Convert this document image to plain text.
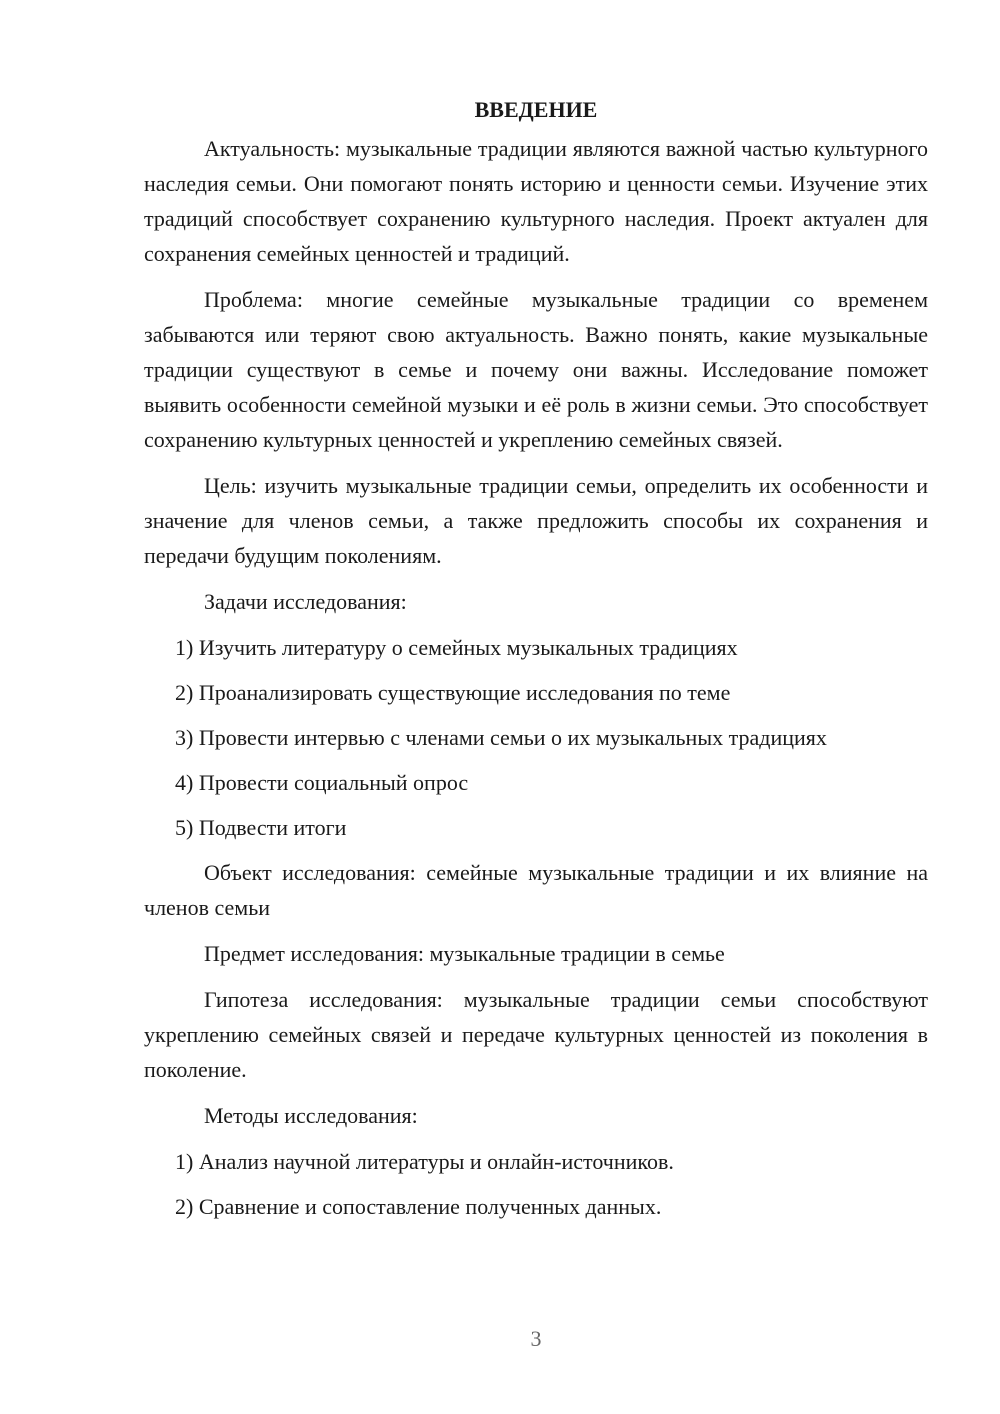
ВВЕДЕНИЕ

Актуальность: музыкальные традиции являются важной частью культурного наследия семьи. Они помогают понять историю и ценности семьи. Изучение этих традиций способствует сохранению культурного наследия. Проект актуален для сохранения семейных ценностей и традиций.

Проблема: многие семейные музыкальные традиции со временем забываются или теряют свою актуальность. Важно понять, какие музыкальные традиции существуют в семье и почему они важны. Исследование поможет выявить особенности семейной музыки и её роль в жизни семьи. Это способствует сохранению культурных ценностей и укреплению семейных связей.

Цель: изучить музыкальные традиции семьи, определить их особенности и значение для членов семьи, а также предложить способы их сохранения и передачи будущим поколениям.

Задачи исследования:

1) Изучить литературу о семейных музыкальных традициях
2) Проанализировать существующие исследования по теме
3) Провести интервью с членами семьи о их музыкальных традициях
4) Провести социальный опрос
5) Подвести итоги

Объект исследования: семейные музыкальные традиции и их влияние на членов семьи

Предмет исследования: музыкальные традиции в семье

Гипотеза исследования: музыкальные традиции семьи способствуют укреплению семейных связей и передаче культурных ценностей из поколения в поколение.

Методы исследования:

1) Анализ научной литературы и онлайн-источников.
2) Сравнение и сопоставление полученных данных.
3
